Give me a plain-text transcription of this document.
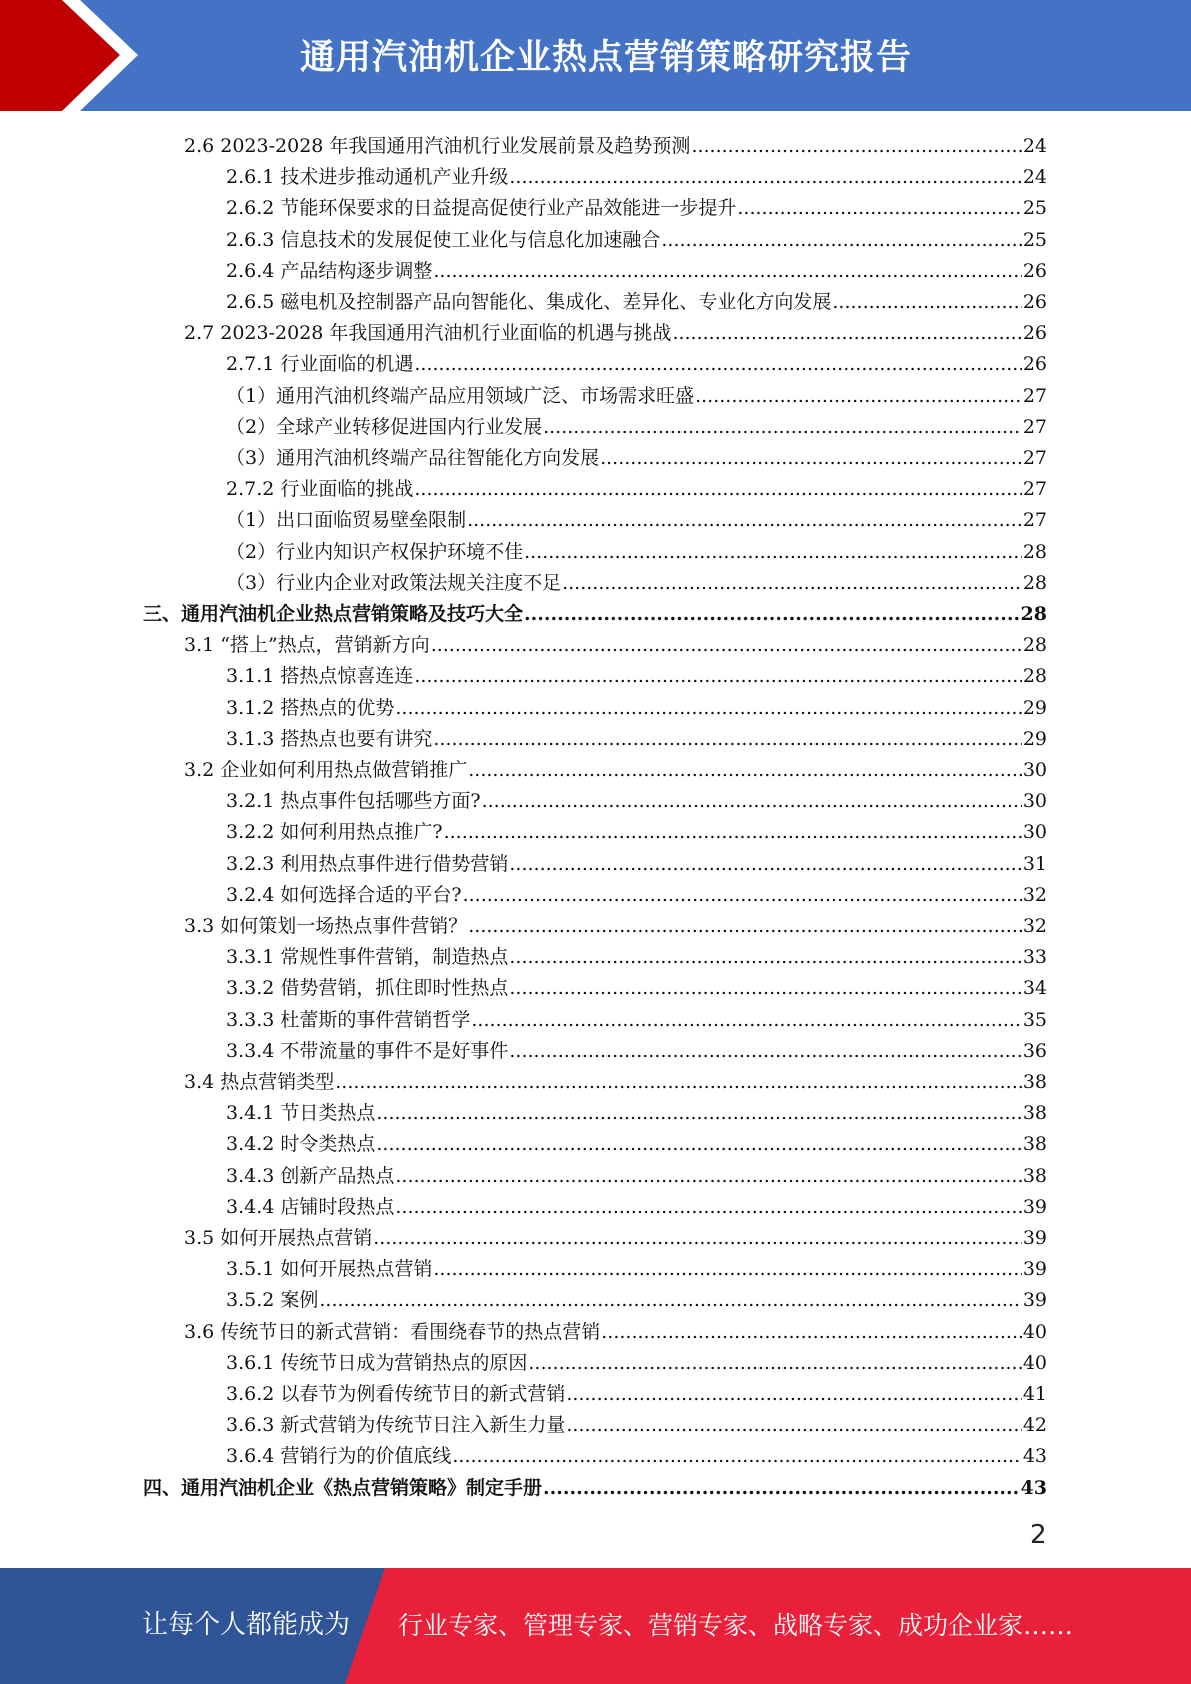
通用汽油机企业热点营销策略研究报告
2.6 2023-2028 年我国通用汽油机行业发展前景及趋势预测 .....	24
2.6.1 技术进步推动通机产业升级 .....	24
2.6.2 节能环保要求的日益提高促使行业产品效能进一步提升 .....	25
2.6.3 信息技术的发展促使工业化与信息化加速融合 .....	25
2.6.4 产品结构逐步调整 .....	26
2.6.5 磁电机及控制器产品向智能化、集成化、差异化、专业化方向发展 .....	26
2.7 2023-2028 年我国通用汽油机行业面临的机遇与挑战 .....	26
2.7.1 行业面临的机遇 .....	26
（1）通用汽油机终端产品应用领域广泛、市场需求旺盛 .....	27
（2）全球产业转移促进国内行业发展 .....	27
（3）通用汽油机终端产品往智能化方向发展 .....	27
2.7.2 行业面临的挑战 .....	27
（1）出口面临贸易壁垒限制 .....	27
（2）行业内知识产权保护环境不佳 .....	28
（3）行业内企业对政策法规关注度不足 .....	28
三、通用汽油机企业热点营销策略及技巧大全 .....	28
3.1 “搭上”热点，营销新方向 .....	28
3.1.1 搭热点惊喜连连 .....	28
3.1.2 搭热点的优势 .....	29
3.1.3 搭热点也要有讲究 .....	29
3.2 企业如何利用热点做营销推广 .....	30
3.2.1 热点事件包括哪些方面? .....	30
3.2.2 如何利用热点推广? .....	30
3.2.3 利用热点事件进行借势营销 .....	31
3.2.4 如何选择合适的平台? .....	32
3.3 如何策划一场热点事件营销？ .....	32
3.3.1 常规性事件营销，制造热点 .....	33
3.3.2 借势营销，抓住即时性热点 .....	34
3.3.3 杜蕾斯的事件营销哲学 .....	35
3.3.4 不带流量的事件不是好事件 .....	36
3.4 热点营销类型 .....	38
3.4.1 节日类热点 .....	38
3.4.2 时令类热点 .....	38
3.4.3 创新产品热点 .....	38
3.4.4 店铺时段热点 .....	39
3.5 如何开展热点营销 .....	39
3.5.1 如何开展热点营销 .....	39
3.5.2 案例 .....	39
3.6 传统节日的新式营销：看围绕春节的热点营销 .....	40
3.6.1 传统节日成为营销热点的原因 .....	40
3.6.2 以春节为例看传统节日的新式营销 .....	41
3.6.3 新式营销为传统节日注入新生力量 .....	42
3.6.4 营销行为的价值底线 .....	43
四、通用汽油机企业《热点营销策略》制定手册 .....	43
2
让每个人都能成为 行业专家、管理专家、营销专家、战略专家、成功企业家……
